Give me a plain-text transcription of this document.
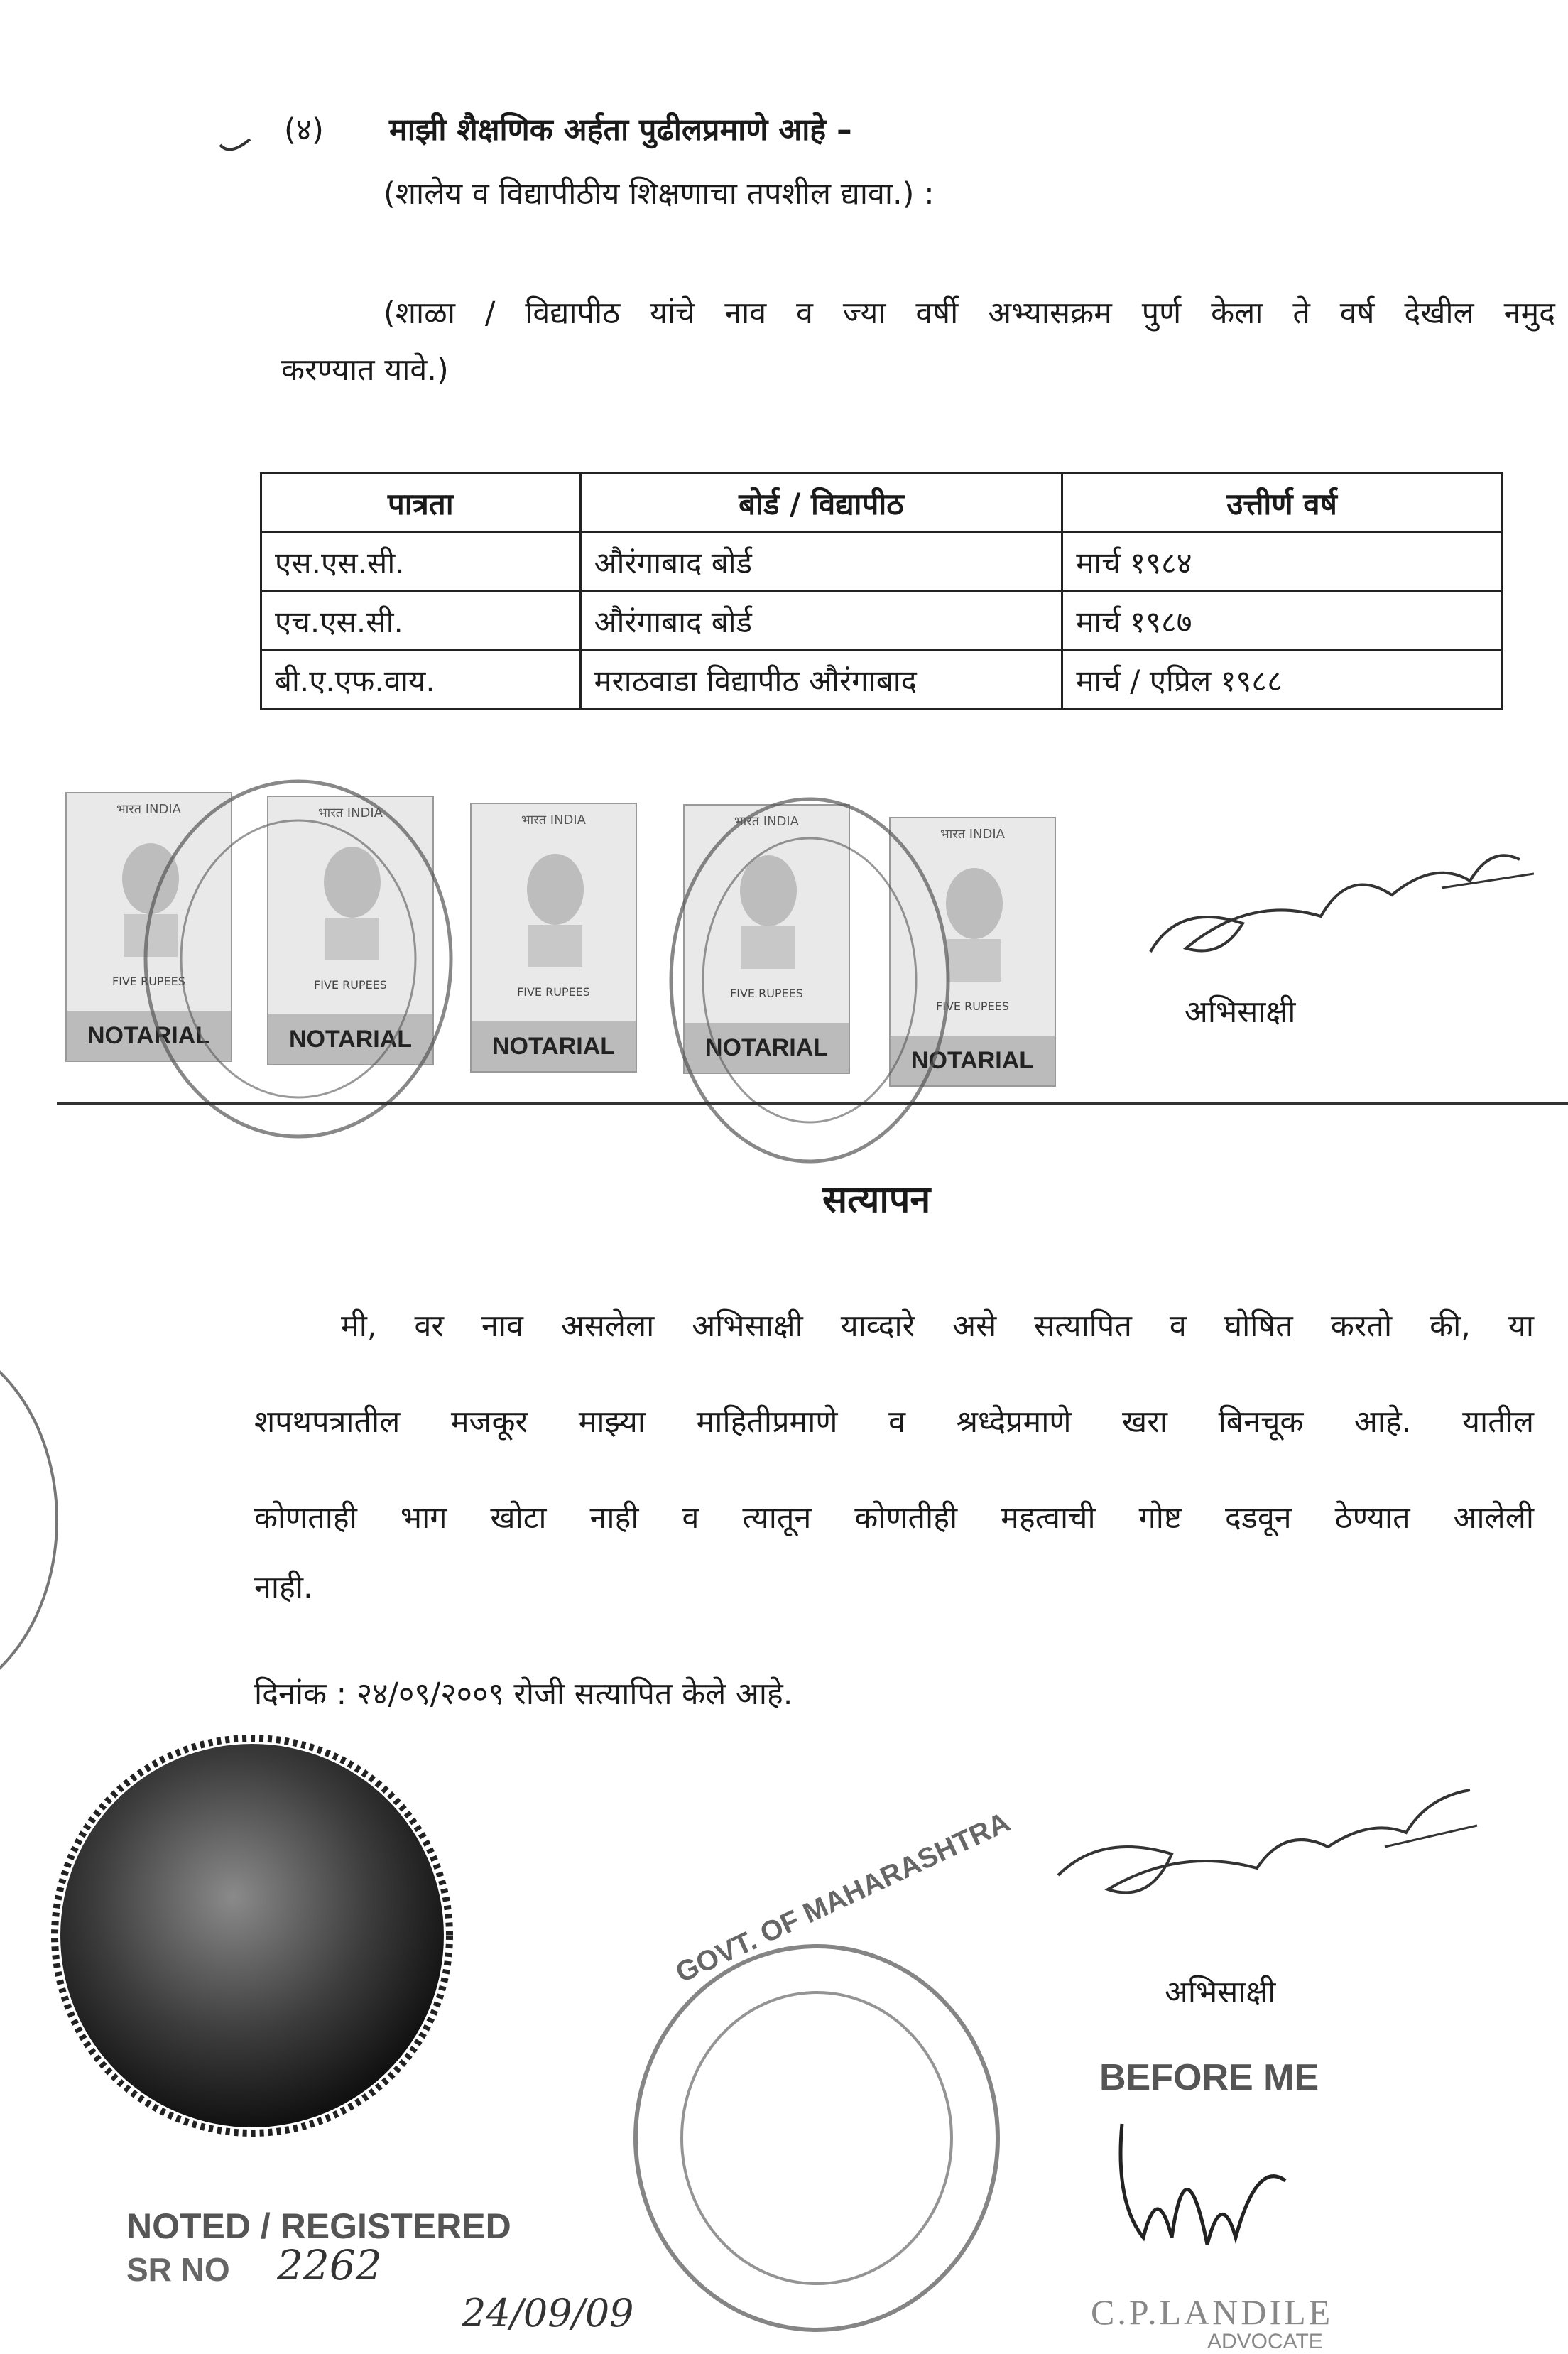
(४) माझी शैक्षणिक अर्हता पुढीलप्रमाणे आहे –
(शालेय व विद्यापीठीय शिक्षणाचा तपशील द्यावा.) :
(शाळा / विद्यापीठ यांचे नाव व ज्या वर्षी अभ्यासक्रम पुर्ण केला ते वर्ष देखील नमुद
करण्यात यावे.)
पात्रता	बोर्ड / विद्यापीठ	उत्तीर्ण वर्ष
एस.एस.सी.	औरंगाबाद बोर्ड	मार्च १९८४
एच.एस.सी.	औरंगाबाद बोर्ड	मार्च १९८७
बी.ए.एफ.वाय.	मराठवाडा विद्यापीठ औरंगाबाद	मार्च / एप्रिल १९८८
भारत INDIA
FIVE RUPEES
NOTARIAL
भारत INDIA
FIVE RUPEES
NOTARIAL
भारत INDIA
FIVE RUPEES
NOTARIAL
भारत INDIA
FIVE RUPEES
NOTARIAL
भारत INDIA
FIVE RUPEES
NOTARIAL
अभिसाक्षी
सत्यापन
मी, वर नाव असलेला अभिसाक्षी याव्दारे असे सत्यापित व घोषित करतो की, या
शपथपत्रातील मजकूर माझ्या माहितीप्रमाणे व श्रध्देप्रमाणे खरा बिनचूक आहे. यातील
कोणताही भाग खोटा नाही व त्यातून कोणतीही महत्वाची गोष्ट दडवून ठेण्यात आलेली
नाही.
दिनांक : २४/०९/२००९ रोजी सत्यापित केले आहे.
GOVT. OF MAHARASHTRA
अभिसाक्षी
BEFORE ME
C.P.LANDILE
ADVOCATE
NOTED / REGISTERED
SR NO 2262
24/09/09
